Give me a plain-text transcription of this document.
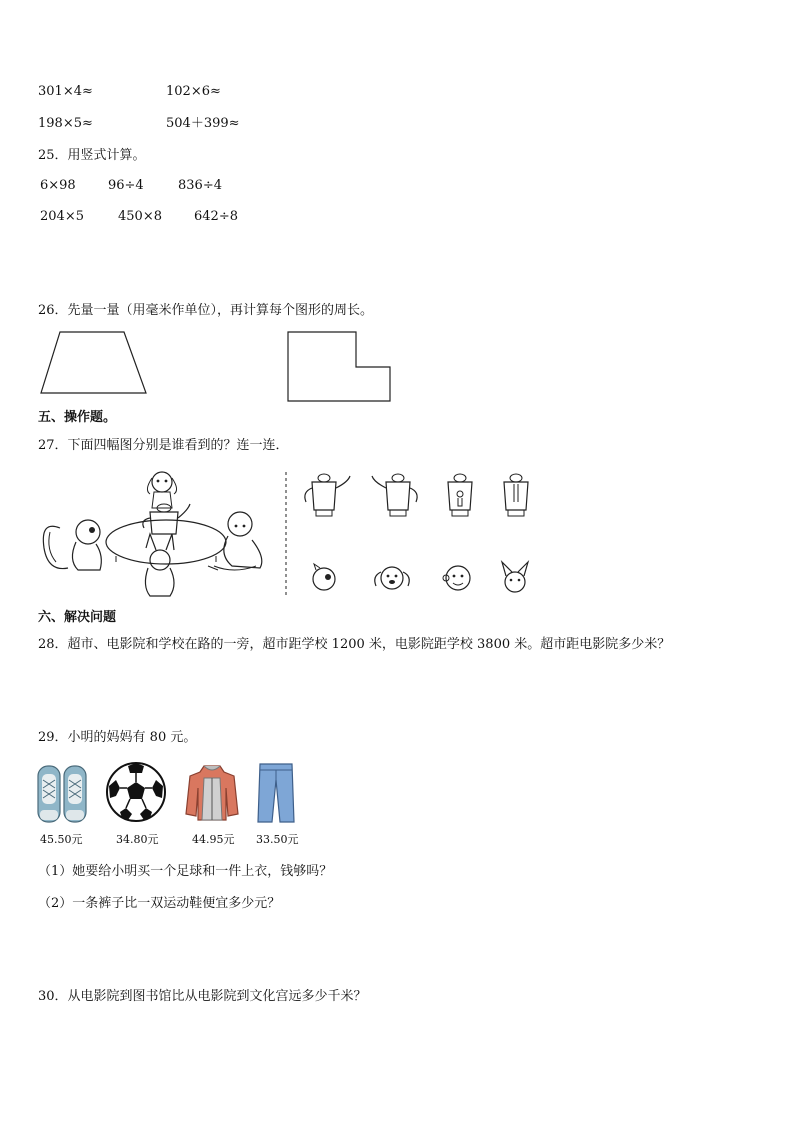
301×4≈	102×6≈
198×5≈	504＋399≈
25．用竖式计算。
6×98 96÷4	836÷4
204×5	450×8 642÷8
26．先量一量（用毫米作单位），再计算每个图形的周长。
五、操作题。
27．下面四幅图分别是谁看到的？连一连．
六、解决问题
28．超市、电影院和学校在路的一旁，超市距学校 1200 米，电影院距学校 3800 米。超市距电影院多少米？
29．小明的妈妈有 80 元。
45.50元	34.80元	44.95元 33.50元
（1）她要给小明买一个足球和一件上衣，钱够吗？
（2）一条裤子比一双运动鞋便宜多少元？
30．从电影院到图书馆比从电影院到文化宫远多少千米？
